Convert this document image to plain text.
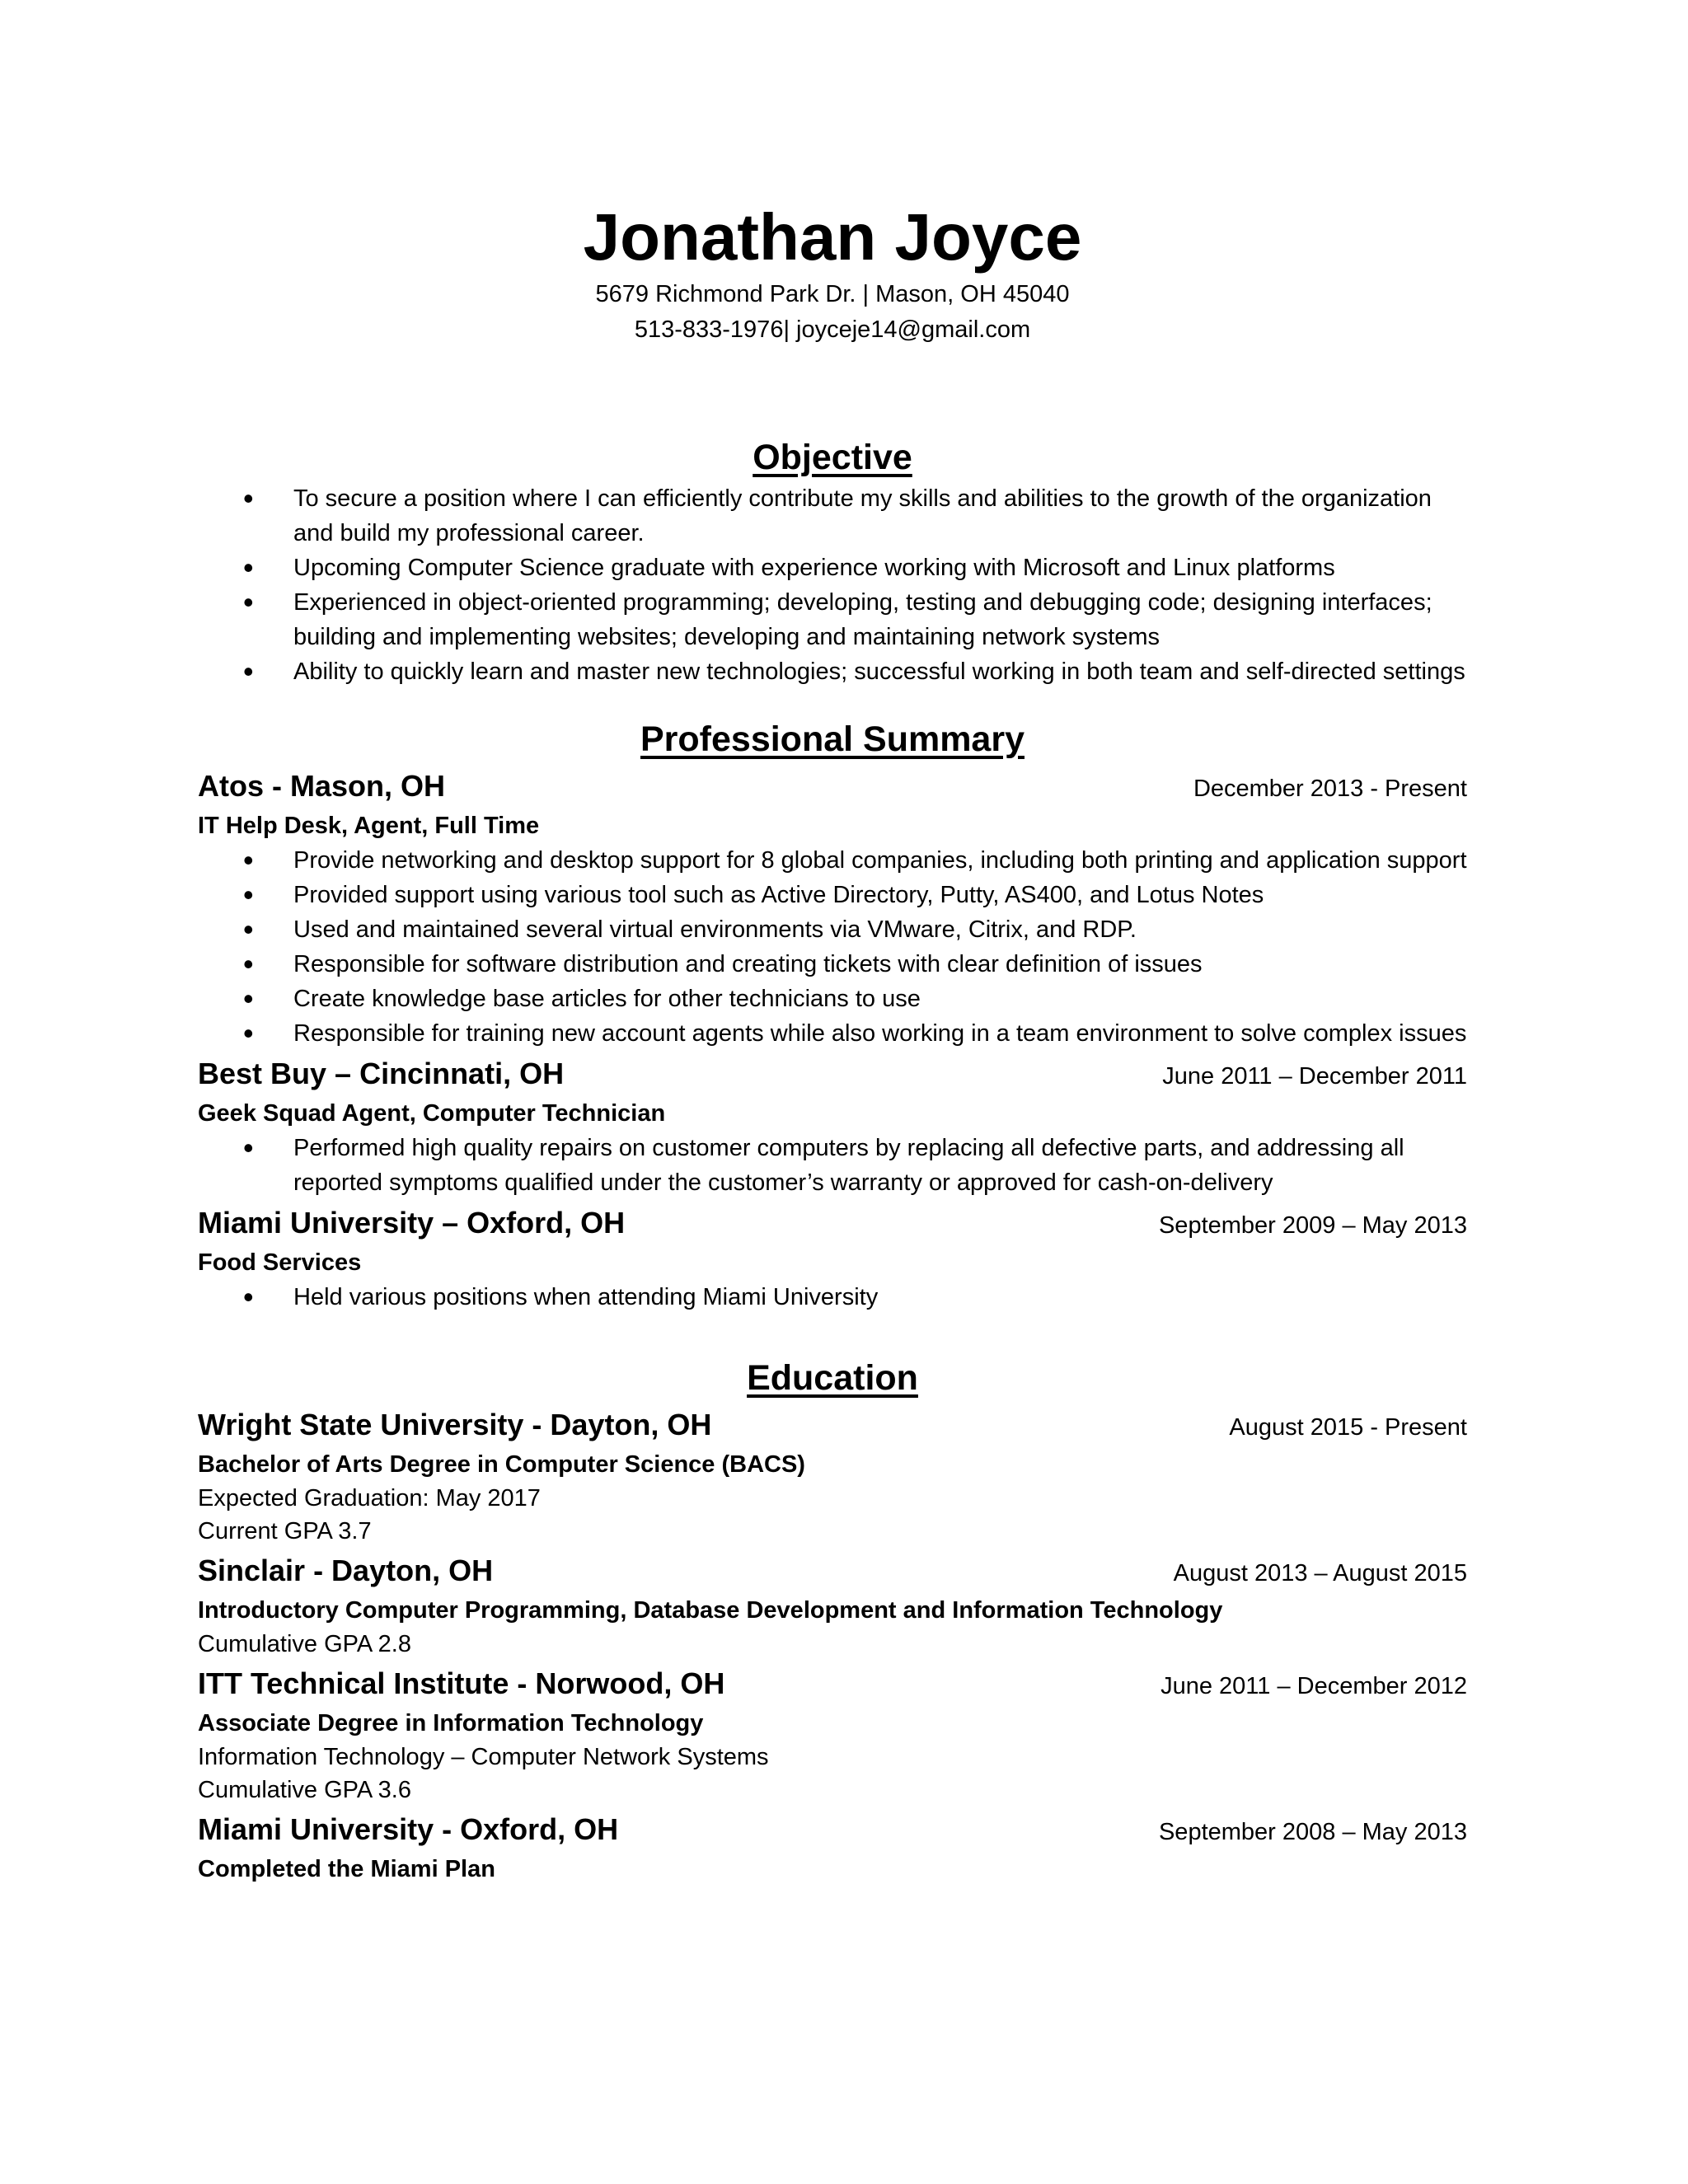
Jonathan Joyce

5679 Richmond Park Dr. | Mason, OH 45040

513-833-1976| joyceje14@gmail.com

Objective
• To secure a position where I can efficiently contribute my skills and abilities to the growth of the organization and build my professional career.
• Upcoming Computer Science graduate with experience working with Microsoft and Linux platforms
• Experienced in object-oriented programming; developing, testing and debugging code; designing interfaces; building and implementing websites; developing and maintaining network systems
• Ability to quickly learn and master new technologies; successful working in both team and self-directed settings
Professional Summary
Atos - Mason, OH	December 2013 - Present
IT Help Desk, Agent, Full Time
• Provide networking and desktop support for 8 global companies, including both printing and application support
• Provided support using various tool such as Active Directory, Putty, AS400, and Lotus Notes
• Used and maintained several virtual environments via VMware, Citrix, and RDP.
• Responsible for software distribution and creating tickets with clear definition of issues
• Create knowledge base articles for other technicians to use
• Responsible for training new account agents while also working in a team environment to solve complex issues
Best Buy – Cincinnati, OH	June 2011 – December 2011
Geek Squad Agent, Computer Technician
• Performed high quality repairs on customer computers by replacing all defective parts, and addressing all reported symptoms qualified under the customer’s warranty or approved for cash-on-delivery
Miami University – Oxford, OH	September 2009 – May 2013
Food Services
• Held various positions when attending Miami University
Education
Wright State University - Dayton, OH	August 2015 - Present
Bachelor of Arts Degree in Computer Science (BACS)
Expected Graduation: May 2017
Current GPA 3.7
Sinclair - Dayton, OH	August 2013 – August 2015
Introductory Computer Programming, Database Development and Information Technology
Cumulative GPA 2.8
ITT Technical Institute - Norwood, OH	June 2011 – December 2012
Associate Degree in Information Technology
Information Technology – Computer Network Systems
Cumulative GPA 3.6
Miami University - Oxford, OH	September 2008 – May 2013
Completed the Miami Plan
